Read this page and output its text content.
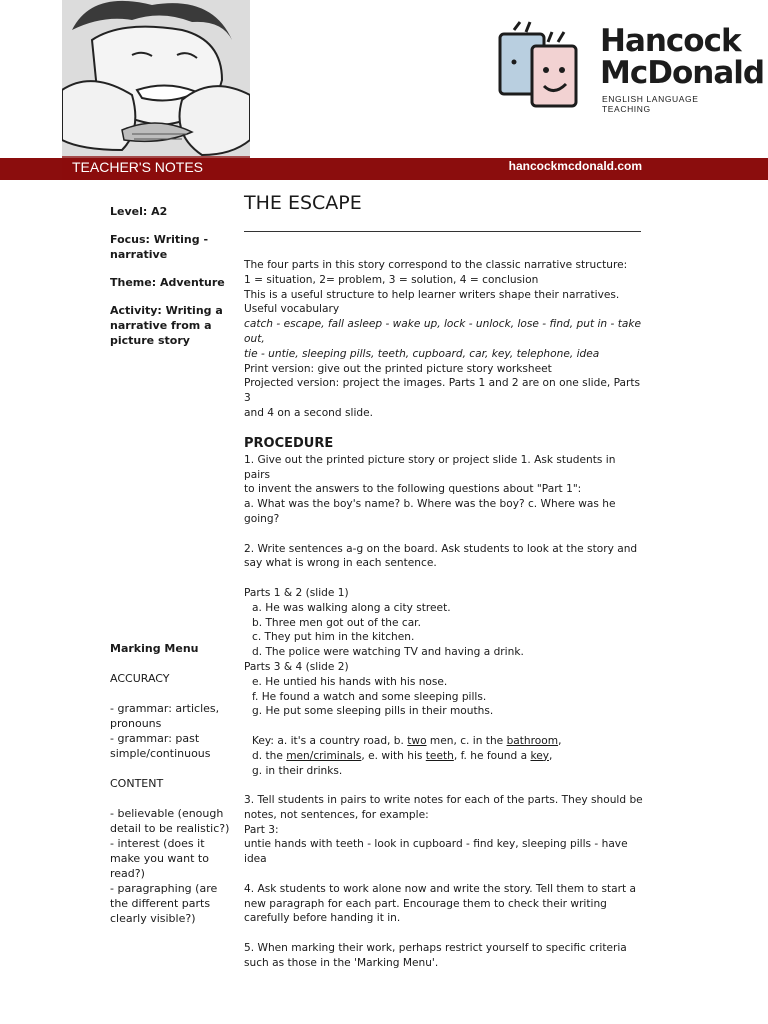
Hancock
McDonald
ENGLISH LANGUAGE TEACHING
TEACHER'S NOTES	hancockmcdonald.com

Level: A2

Focus: Writing - narrative

Theme: Adventure

Activity: Writing a narrative from a picture story

Marking Menu

ACCURACY

- grammar: articles, pronouns

- grammar: past simple/continuous

CONTENT

- believable (enough detail to be realistic?)
- interest (does it make you want to read?)
- paragraphing (are the different parts clearly visible?)
THE ESCAPE

The four parts in this story correspond to the classic narrative structure:

1 = situation, 2= problem, 3 = solution, 4 = conclusion

This is a useful structure to help learner writers shape their narratives.

Useful vocabulary

catch - escape, fall asleep - wake up, lock - unlock, lose - find, put in - take out,

tie - untie, sleeping pills, teeth, cupboard, car, key, telephone, idea

Print version: give out the printed picture story worksheet

Projected version: project the images. Parts 1 and 2 are on one slide, Parts 3

and 4 on a second slide.

PROCEDURE

1. Give out the printed picture story or project slide 1. Ask students in pairs

to invent the answers to the following questions about "Part 1":

a. What was the boy's name? b. Where was the boy? c. Where was he

going?

2. Write sentences a-g on the board. Ask students to look at the story and

say what is wrong in each sentence.

Parts 1 & 2 (slide 1)

a. He was walking along a city street.

b. Three men got out of the car.

c. They put him in the kitchen.

d. The police were watching TV and having a drink.

Parts 3 & 4 (slide 2)

e. He untied his hands with his nose.

f. He found a watch and some sleeping pills.

g. He put some sleeping pills in their mouths.

Key: a. it's a country road, b. two men, c. in the bathroom,

d. the men/criminals, e. with his teeth, f. he found a key,

g. in their drinks.

3. Tell students in pairs to write notes for each of the parts. They should be

notes, not sentences, for example:

Part 3:

untie hands with teeth - look in cupboard - find key, sleeping pills - have

idea

4. Ask students to work alone now and write the story. Tell them to start a

new paragraph for each part. Encourage them to check their writing

carefully before handing it in.

5. When marking their work, perhaps restrict yourself to specific criteria

such as those in the 'Marking Menu'.
